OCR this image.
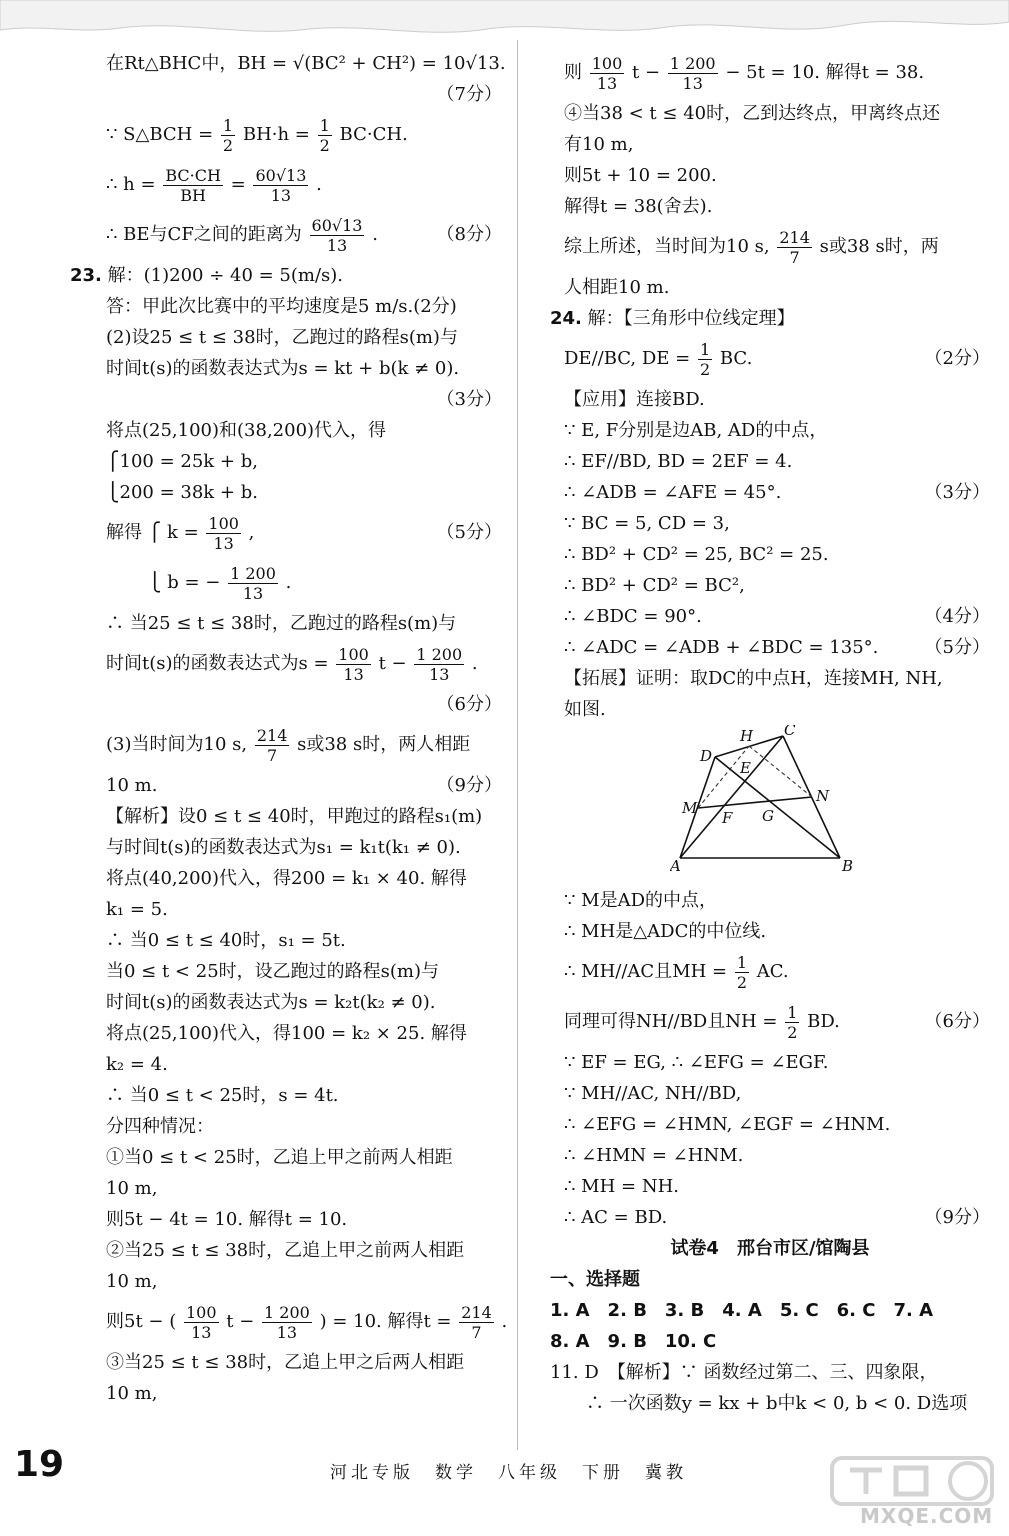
在Rt△BHC中，BH = √(BC² + CH²) = 10√13.
（7分）
∵ S△BCH = $\frac{1}{2} BH\cdot h = \frac{1}{2} BC\cdot CH$.
∴ $h = \frac{BC\cdot CH}{BH} = \frac{60√13}{13}$ .
∴ BE与CF之间的距离为 $\frac{60√13}{13}$ .	（8分）
23. 解：(1)200 ÷ 40 = 5(m/s).
答：甲此次比赛中的平均速度是5 m/s.(2分)
(2)设25 ≤ t ≤ 38时，乙跑过的路程s(m)与
时间t(s)的函数表达式为s = kt + b(k ≠ 0).
（3分）
将点(25,100)和(38,200)代入，得
⎧100 = 25k + b,
⎩200 = 38k + b.
解得 ⎧ $k = \frac{100}{13}$ ,	（5分）
⎩ b = − $\frac{1 200}{13}$ .
∴ 当25 ≤ t ≤ 38时，乙跑过的路程s(m)与
时间t(s)的函数表达式为$s = \frac{100}{13}$ $t - \frac{1 200}{13}$ .
（6分）
(3)当时间为10 s, $\frac{214}{7}$ s或38 s时，两人相距
10 m.	（9分）
【解析】设0 ≤ t ≤ 40时，甲跑过的路程s₁(m)
与时间t(s)的函数表达式为s₁ = k₁t(k₁ ≠ 0).
将点(40,200)代入，得200 = k₁ × 40. 解得
k₁ = 5.
∴ 当0 ≤ t ≤ 40时，s₁ = 5t.
当0 ≤ t < 25时，设乙跑过的路程s(m)与
时间t(s)的函数表达式为s = k₂t(k₂ ≠ 0).
将点(25,100)代入，得100 = k₂ × 25. 解得
k₂ = 4.
∴ 当0 ≤ t < 25时，s = 4t.
分四种情况：
①当0 ≤ t < 25时，乙追上甲之前两人相距
10 m,
则5t − 4t = 10. 解得t = 10.
②当25 ≤ t ≤ 38时，乙追上甲之前两人相距
10 m,
则5t − ( $\frac{100}{13}$ $t - \frac{1 200}{13}$ ) = 10. 解得$t = \frac{214}{7}$ .
③当25 ≤ t ≤ 38时，乙追上甲之后两人相距
10 m,
则 $\frac{100}{13}$ $t - \frac{1 200}{13} - 5t = 10$. 解得t = 38.
④当38 < t ≤ 40时，乙到达终点，甲离终点还
有10 m,
则5t + 10 = 200.
解得t = 38(舍去).
综上所述，当时间为10 s, $\frac{214}{7}$ s或38 s时，两
人相距10 m.
24. 解：【三角形中位线定理】
DE//BC, DE = $\frac{1}{2}$ BC.	（2分）
【应用】连接BD.
∵ E, F分别是边AB, AD的中点，
∴ EF//BD, BD = 2EF = 4.
∴ ∠ADB = ∠AFE = 45°.	（3分）
∵ BC = 5, CD = 3,
∴ BD² + CD² = 25, BC² = 25.
∴ BD² + CD² = BC²,
∴ ∠BDC = 90°.	（4分）
∴ ∠ADC = ∠ADB + ∠BDC = 135°.	（5分）
【拓展】证明：取DC的中点H，连接MH, NH,
如图.
A	B
C
D
E
F G
H
M
N
∵ M是AD的中点，
∴ MH是△ADC的中位线.
∴ MH//AC且MH = $\frac{1}{2}$ AC.
同理可得NH//BD且NH = $\frac{1}{2}$ BD.	（6分）
∵ EF = EG, ∴ ∠EFG = ∠EGF.
∵ MH//AC, NH//BD,
∴ ∠EFG = ∠HMN, ∠EGF = ∠HNM.
∴ ∠HMN = ∠HNM.
∴ MH = NH.
∴ AC = BD.	（9分）
试卷4　邢台市区/馆陶县
一、选择题
1. A　2. B　3. B　4. A　5. C　6. C　7. A
8. A　9. B　10. C
11. D　【解析】∵ 函数经过第二、三、四象限，
∴ 一次函数y = kx + b中k < 0, b < 0. D选项
19	河北专版　数学　八年级　下册　冀教
MXQE.COM
